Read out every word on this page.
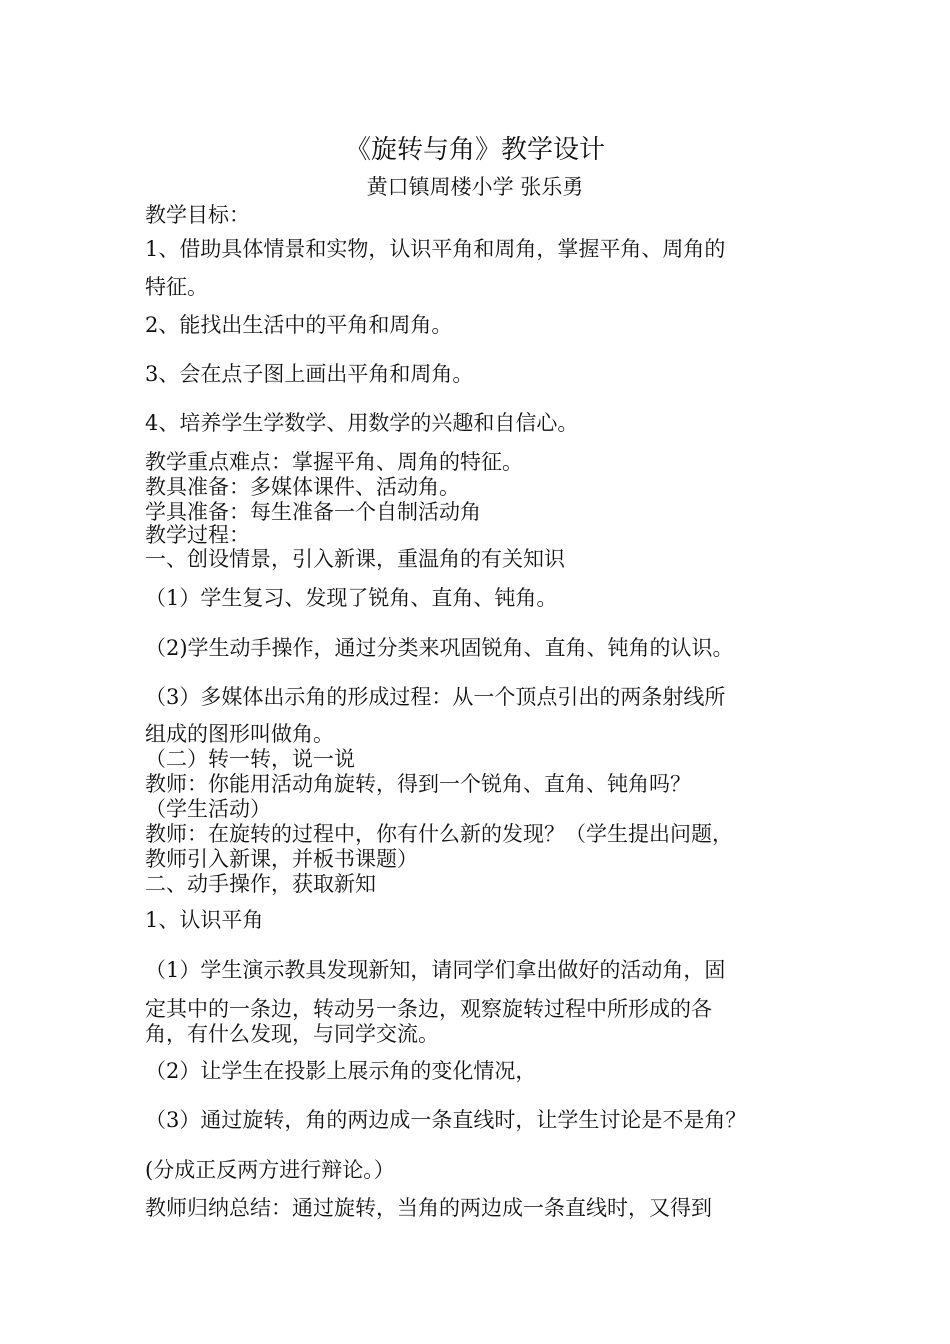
《旋转与角》教学设计
黄口镇周楼小学 张乐勇
教学目标：
1、借助具体情景和实物，认识平角和周角，掌握平角、周角的
特征。
2、能找出生活中的平角和周角。
3、会在点子图上画出平角和周角。
4、培养学生学数学、用数学的兴趣和自信心。
教学重点难点：掌握平角、周角的特征。
教具准备：多媒体课件、活动角。
学具准备：每生准备一个自制活动角
教学过程：
一、创设情景，引入新课，重温角的有关知识
（1）学生复习、发现了锐角、直角、钝角。
（2)学生动手操作，通过分类来巩固锐角、直角、钝角的认识。
（3）多媒体出示角的形成过程：从一个顶点引出的两条射线所
组成的图形叫做角。
（二）转一转，说一说
教师：你能用活动角旋转，得到一个锐角、直角、钝角吗？
（学生活动）
教师：在旋转的过程中，你有什么新的发现？（学生提出问题，
教师引入新课，并板书课题）
二、动手操作，获取新知
1、认识平角
（1）学生演示教具发现新知，请同学们拿出做好的活动角，固
定其中的一条边，转动另一条边，观察旋转过程中所形成的各
角，有什么发现，与同学交流。
（2）让学生在投影上展示角的变化情况，
（3）通过旋转，角的两边成一条直线时，让学生讨论是不是角？
(分成正反两方进行辩论。）
教师归纳总结：通过旋转，当角的两边成一条直线时，又得到
